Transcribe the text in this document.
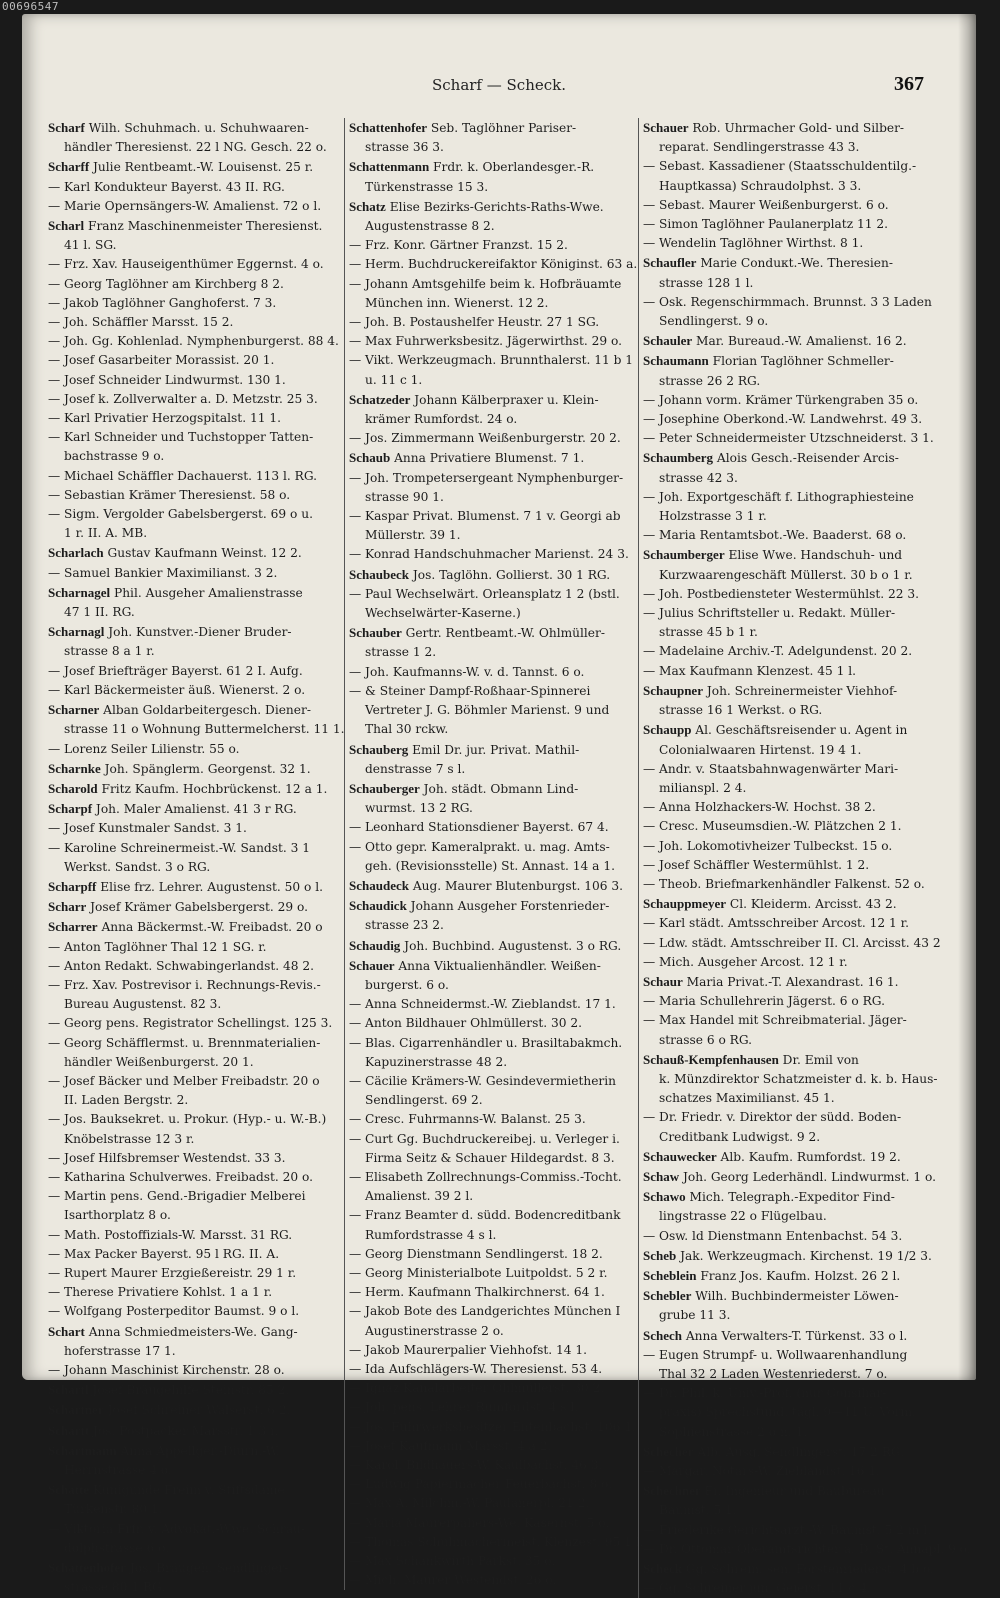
00696547
Scharf — Scheck.	367
Scharf Wilh. Schuhmach. u. Schuhwaaren-
händler Theresienst. 22 l NG. Gesch. 22 o.
Scharff Julie Rentbeamt.-W. Louisenst. 25 r.
— Karl Kondukteur Bayerst. 43 II. RG.
— Marie Opernsängers-W. Amalienst. 72 o l.
Scharl Franz Maschinenmeister Theresienst.
41 l. SG.
— Frz. Xav. Hauseigenthümer Eggernst. 4 o.
— Georg Taglöhner am Kirchberg 8 2.
— Jakob Taglöhner Ganghoferst. 7 3.
— Joh. Schäffler Marsst. 15 2.
— Joh. Gg. Kohlenlad. Nymphenburgerst. 88 4.
— Josef Gasarbeiter Morassist. 20 1.
— Josef Schneider Lindwurmst. 130 1.
— Josef k. Zollverwalter a. D. Metzstr. 25 3.
— Karl Privatier Herzogspitalst. 11 1.
— Karl Schneider und Tuchstopper Tatten-
bachstrasse 9 o.
— Michael Schäffler Dachauerst. 113 l. RG.
— Sebastian Krämer Theresienst. 58 o.
— Sigm. Vergolder Gabelsbergerst. 69 o u.
1 r. II. A. MB.
Scharlach Gustav Kaufmann Weinst. 12 2.
— Samuel Bankier Maximilianst. 3 2.
Scharnagel Phil. Ausgeher Amalienstrasse
47 1 II. RG.
Scharnagl Joh. Kunstver.-Diener Bruder-
strasse 8 a 1 r.
— Josef Briefträger Bayerst. 61 2 I. Aufg.
— Karl Bäckermeister äuß. Wienerst. 2 o.
Scharner Alban Goldarbeitergesch. Diener-
strasse 11 o Wohnung Buttermelcherst. 11 1.
— Lorenz Seiler Lilienstr. 55 o.
Scharnke Joh. Spänglerm. Georgenst. 32 1.
Scharold Fritz Kaufm. Hochbrückenst. 12 a 1.
Scharpf Joh. Maler Amalienst. 41 3 r RG.
— Josef Kunstmaler Sandst. 3 1.
— Karoline Schreinermeist.-W. Sandst. 3 1
Werkst. Sandst. 3 o RG.
Scharpff Elise frz. Lehrer. Augustenst. 50 o l.
Scharr Josef Krämer Gabelsbergerst. 29 o.
Scharrer Anna Bäckermst.-W. Freibadst. 20 o
— Anton Taglöhner Thal 12 1 SG. r.
— Anton Redakt. Schwabingerlandst. 48 2.
— Frz. Xav. Postrevisor i. Rechnungs-Revis.-
Bureau Augustenst. 82 3.
— Georg pens. Registrator Schellingst. 125 3.
— Georg Schäfflermst. u. Brennmaterialien-
händler Weißenburgerst. 20 1.
— Josef Bäcker und Melber Freibadstr. 20 o
II. Laden Bergstr. 2.
— Jos. Bauksekret. u. Prokur. (Hyp.- u. W.-B.)
Knöbelstrasse 12 3 r.
— Josef Hilfsbremser Westendst. 33 3.
— Katharina Schulverwes. Freibadst. 20 o.
— Martin pens. Gend.-Brigadier Melberei
Isarthorplatz 8 o.
— Math. Postoffizials-W. Marsst. 31 RG.
— Max Packer Bayerst. 95 l RG. II. A.
— Rupert Maurer Erzgießereistr. 29 1 r.
— Therese Privatiere Kohlst. 1 a 1 r.
— Wolfgang Posterpeditor Baumst. 9 o l.
Schart Anna Schmiedmeisters-We. Gang-
hoferstrasse 17 1.
— Johann Maschinist Kirchenstr. 28 o.
Schartl Josef Bräugehilfe Steinstr. 85 2.
Schartner Josef Schreiner Walserst. 6 2.
Schartt Jos. Postpacker Marsstr. 1 3 r.
Schartmann Anna Appellger.-Diurn.-W.
Herrnstrasse 4 o.
Schatte Kunigunde Freiin v. Stiftsdame
Türkenstr. 80 1.
— Viktoria Frfr. v. Advokat.-Wwe. Schrau-
dolphstrasse 6 o.
Schattenhofer Jos. Bräugeh. Sendlinger-
strasse 80 1 RG.
Schattenhofer Seb. Taglöhner Pariser-
strasse 36 3.
Schattenmann Frdr. k. Oberlandesger.-R.
Türkenstrasse 15 3.
Schatz Elise Bezirks-Gerichts-Raths-Wwe.
Augustenstrasse 8 2.
— Frz. Konr. Gärtner Franzst. 15 2.
— Herm. Buchdruckereifaktor Königinst. 63 a.
— Johann Amtsgehilfe beim k. Hofbräuamte
München inn. Wienerst. 12 2.
— Joh. B. Postaushelfer Heustr. 27 1 SG.
— Max Fuhrwerksbesitz. Jägerwirthst. 29 o.
— Vikt. Werkzeugmach. Brunnthalerst. 11 b 1
u. 11 c 1.
Schatzeder Johann Kälberpraxer u. Klein-
krämer Rumfordst. 24 o.
— Jos. Zimmermann Weißenburgerstr. 20 2.
Schaub Anna Privatiere Blumenst. 7 1.
— Joh. Trompetersergeant Nymphenburger-
strasse 90 1.
— Kaspar Privat. Blumenst. 7 1 v. Georgi ab
Müllerstr. 39 1.
— Konrad Handschuhmacher Marienst. 24 3.
Schaubeck Jos. Taglöhn. Gollierst. 30 1 RG.
— Paul Wechselwärt. Orleansplatz 1 2 (bstl.
Wechselwärter-Kaserne.)
Schauber Gertr. Rentbeamt.-W. Ohlmüller-
strasse 1 2.
— Joh. Kaufmanns-W. v. d. Tannst. 6 o.
— & Steiner Dampf-Roßhaar-Spinnerei
Vertreter J. G. Böhmler Marienst. 9 und
Thal 30 rckw.
Schauberg Emil Dr. jur. Privat. Mathil-
denstrasse 7 s l.
Schauberger Joh. städt. Obmann Lind-
wurmst. 13 2 RG.
— Leonhard Stationsdiener Bayerst. 67 4.
— Otto gepr. Kameralprakt. u. mag. Amts-
geh. (Revisionsstelle) St. Annast. 14 a 1.
Schaudeck Aug. Maurer Blutenburgst. 106 3.
Schaudick Johann Ausgeher Forstenrieder-
strasse 23 2.
Schaudig Joh. Buchbind. Augustenst. 3 o RG.
Schauer Anna Viktualienhändler. Weißen-
burgerst. 6 o.
— Anna Schneidermst.-W. Zieblandst. 17 1.
— Anton Bildhauer Ohlmüllerst. 30 2.
— Blas. Cigarrenhändler u. Brasiltabakmch.
Kapuzinerstrasse 48 2.
— Cäcilie Krämers-W. Gesindevermietherin
Sendlingerst. 69 2.
— Cresc. Fuhrmanns-W. Balanst. 25 3.
— Curt Gg. Buchdruckereibej. u. Verleger i.
Firma Seitz & Schauer Hildegardst. 8 3.
— Elisabeth Zollrechnungs-Commiss.-Tocht.
Amalienst. 39 2 l.
— Franz Beamter d. südd. Bodencreditbank
Rumfordstrasse 4 s l.
— Georg Dienstmann Sendlingerst. 18 2.
— Georg Ministerialbote Luitpoldst. 5 2 r.
— Herm. Kaufmann Thalkirchnerst. 64 1.
— Jakob Bote des Landgerichtes München I
Augustinerstrasse 2 o.
— Jakob Maurerpalier Viehhofst. 14 1.
— Ida Aufschlägers-W. Theresienst. 53 4.
— Ignaz Kanalarbeiter Ohlmüllerst. 30 2.
— Joh. pens. Lehrer Rumfordst. 4 s l.
— Jos. Fuhrwerksbesitzer Entenbachst. 106 1.
— Josef Kaufmann Marsst. 4 a 2.
— Karol. Bildhauers-W. Kaulbachst. 46 3.
— Ludwig Papiermacher Feuerbachst. 8 o.
— Max A. Milchm.-W. Paulanerpl. 21 2.
— Maria Maurerpaliers-We. Kasernst. 5 o.
— Thomas Schuhmachermeist. Klenzest. 95 1 l.
— Max Schankwirth Parkst. 35 o.
— Mich. Maurer Westendst. 26 o.
Schauer Rob. Uhrmacher Gold- und Silber-
reparat. Sendlingerstrasse 43 3.
— Sebast. Kassadiener (Staatsschuldentilg.-
Hauptkassa) Schraudolphst. 3 3.
— Sebast. Maurer Weißenburgerst. 6 o.
— Simon Taglöhner Paulanerplatz 11 2.
— Wendelin Taglöhner Wirthst. 8 1.
Schaufler Marie Conduкt.-We. Theresien-
strasse 128 1 l.
— Osk. Regenschirmmach. Brunnst. 3 3 Laden
Sendlingerst. 9 o.
Schauler Mar. Bureaud.-W. Amalienst. 16 2.
Schaumann Florian Taglöhner Schmeller-
strasse 26 2 RG.
— Johann vorm. Krämer Türkengraben 35 o.
— Josephine Oberkond.-W. Landwehrst. 49 3.
— Peter Schneidermeister Utzschneiderst. 3 1.
Schaumberg Alois Gesch.-Reisender Arcis-
strasse 42 3.
— Joh. Exportgeschäft f. Lithographiesteine
Holzstrasse 3 1 r.
— Maria Rentamtsbot.-We. Baaderst. 68 o.
Schaumberger Elise Wwe. Handschuh- und
Kurzwaarengeschäft Müllerst. 30 b o 1 r.
— Joh. Postbediensteter Westermühlst. 22 3.
— Julius Schriftsteller u. Redakt. Müller-
strasse 45 b 1 r.
— Madelaine Archiv.-T. Adelgundenst. 20 2.
— Max Kaufmann Klenzest. 45 1 l.
Schaupner Joh. Schreinermeister Viehhof-
strasse 16 1 Werkst. o RG.
Schaupp Al. Geschäftsreisender u. Agent in
Colonialwaaren Hirtenst. 19 4 1.
— Andr. v. Staatsbahnwagenwärter Mari-
milianspl. 2 4.
— Anna Holzhackers-W. Hochst. 38 2.
— Cresc. Museumsdien.-W. Plätzchen 2 1.
— Joh. Lokomotivheizer Tulbeckst. 15 o.
— Josef Schäffler Westermühlst. 1 2.
— Theob. Briefmarkenhändler Falkenst. 52 o.
Schauppmeyer Cl. Kleiderm. Arcisst. 43 2.
— Karl städt. Amtsschreiber Arcost. 12 1 r.
— Ldw. städt. Amtsschreiber II. Cl. Arcisst. 43 2
— Mich. Ausgeher Arcost. 12 1 r.
Schaur Maria Privat.-T. Alexandrast. 16 1.
— Maria Schullehrerin Jägerst. 6 o RG.
— Max Handel mit Schreibmaterial. Jäger-
strasse 6 o RG.
Schauß-Kempfenhausen Dr. Emil von
k. Münzdirektor Schatzmeister d. k. b. Haus-
schatzes Maximilianst. 45 1.
— Dr. Friedr. v. Direktor der südd. Boden-
Creditbank Ludwigst. 9 2.
Schauwecker Alb. Kaufm. Rumfordst. 19 2.
Schaw Joh. Georg Lederhändl. Lindwurmst. 1 o.
Schawo Mich. Telegraph.-Expeditor Find-
lingstrasse 22 o Flügelbau.
— Osw. ld Dienstmann Entenbachst. 54 3.
Scheb Jak. Werkzeugmach. Kirchenst. 19 1/2 3.
Scheblein Franz Jos. Kaufm. Holzst. 26 2 l.
Schebler Wilh. Buchbindermeister Löwen-
grube 11 3.
Schech Anna Verwalters-T. Türkenst. 33 o l.
— Eugen Strumpf- u. Wollwaarenhandlung
Thal 32 2 Laden Westenriederst. 7 o.
— Dr. Phil. k. Univ.-Prof. (nur Consiliar-
praxis) Sprechstund. tägl. 9—11 U. Vorm.
Sophienstrasse 2 o n. 1.
Schecher Alb. Ausg. Sendlingerst. 17 2 RG.
— Margar. Notars-W. Zieblandst. 16 1.
Schechner Fr. Ingenieur und Baubureau
Baumst. 5 1.
— Friederike Gerichtsarzt.-W. Baumst. 5 2 m l.
— Dr. Ottomar Oberamtsrichter a. D. St. Annapl. 9 o.
Scheck Gg. Schrein. sen. Forstenriederst. 4 b o.
— Gg. Schreiner jun. Geierst. 11 c 4.
